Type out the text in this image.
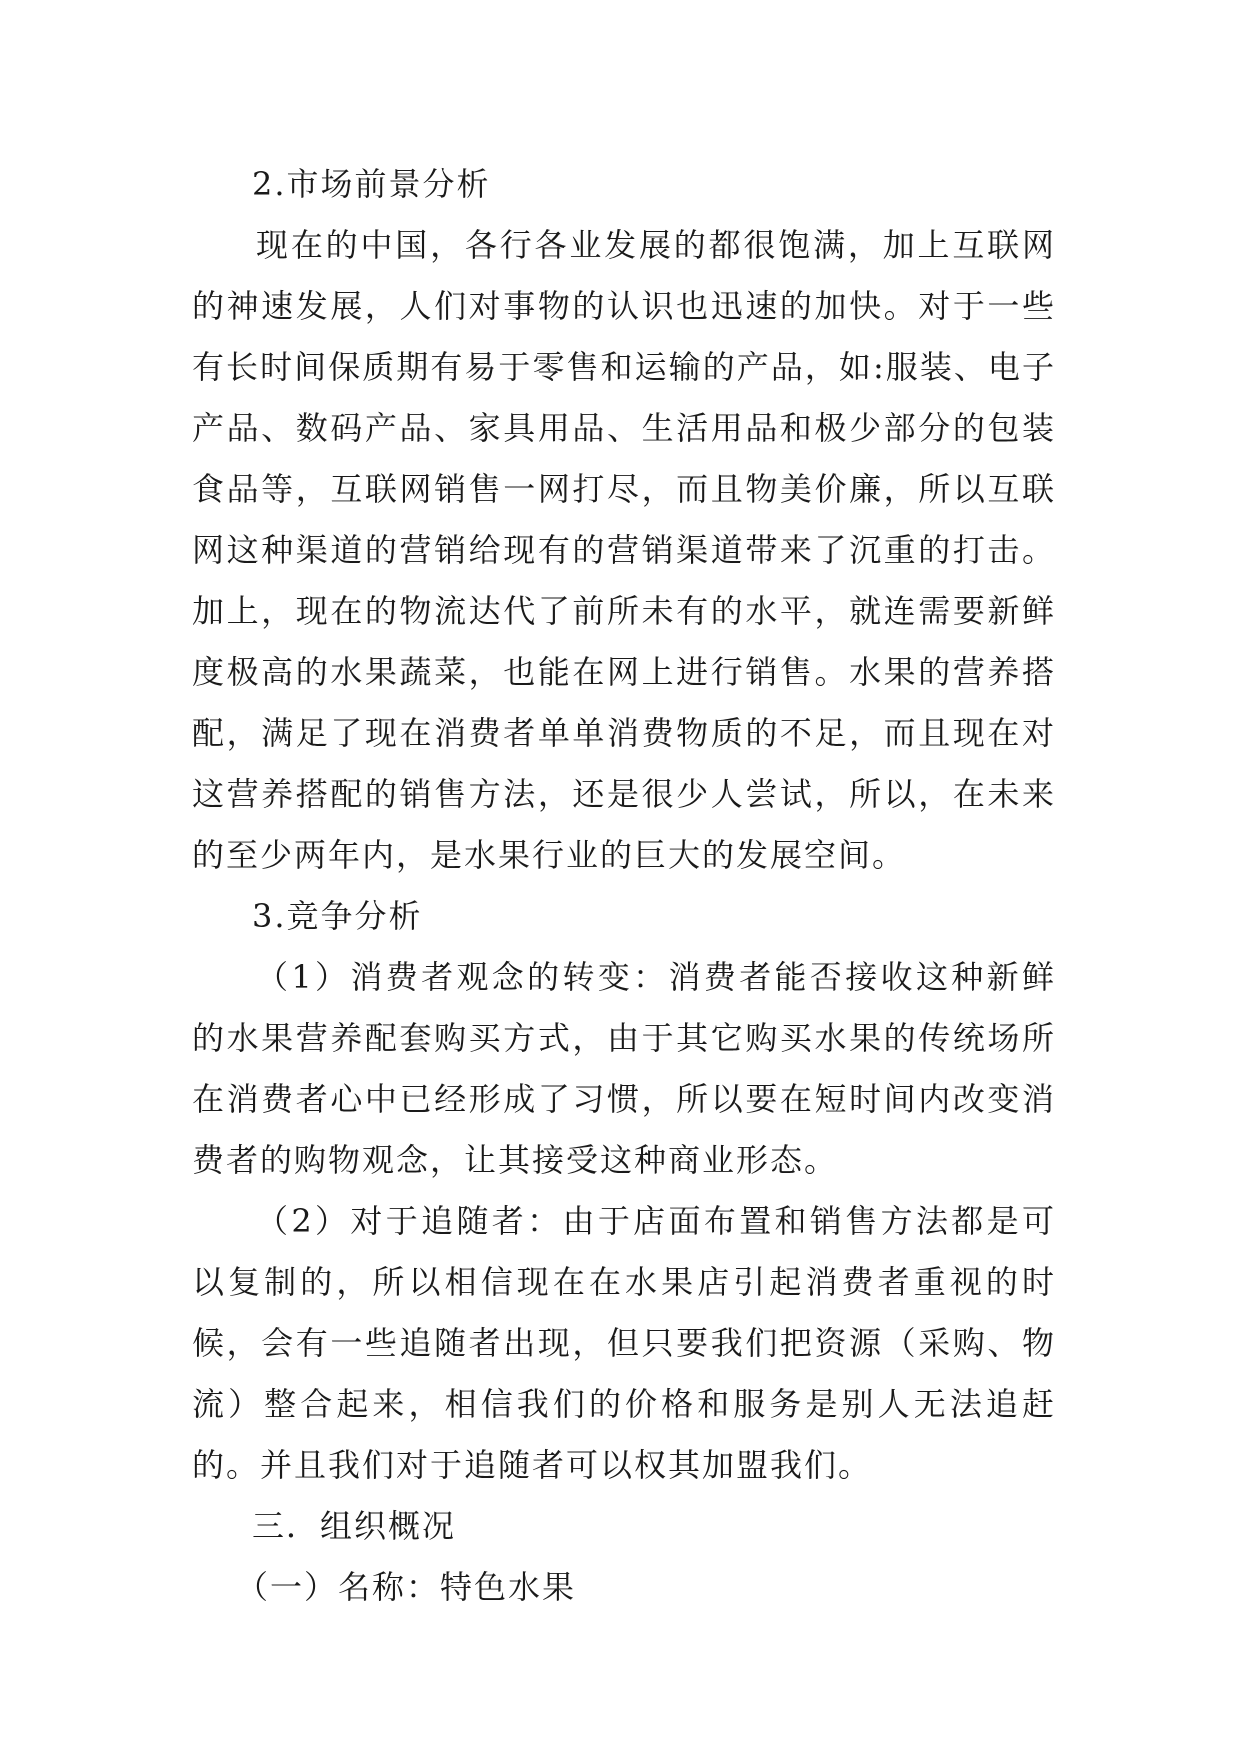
2.市场前景分析

现在的中国，各行各业发展的都很饱满，加上互联网的神速发展，人们对事物的认识也迅速的加快。对于一些有长时间保质期有易于零售和运输的产品，如:服装、电子产品、数码产品、家具用品、生活用品和极少部分的包装食品等，互联网销售一网打尽，而且物美价廉，所以互联网这种渠道的营销给现有的营销渠道带来了沉重的打击。加上，现在的物流达代了前所未有的水平，就连需要新鲜度极高的水果蔬菜，也能在网上进行销售。水果的营养搭配，满足了现在消费者单单消费物质的不足，而且现在对这营养搭配的销售方法，还是很少人尝试，所以，在未来的至少两年内，是水果行业的巨大的发展空间。

3.竞争分析

（1）消费者观念的转变：消费者能否接收这种新鲜的水果营养配套购买方式，由于其它购买水果的传统场所在消费者心中已经形成了习惯，所以要在短时间内改变消费者的购物观念，让其接受这种商业形态。

（2）对于追随者：由于店面布置和销售方法都是可以复制的，所以相信现在在水果店引起消费者重视的时候，会有一些追随者出现，但只要我们把资源（采购、物流）整合起来，相信我们的价格和服务是别人无法追赶的。并且我们对于追随者可以权其加盟我们。

三．组织概况

（一）名称：特色水果
